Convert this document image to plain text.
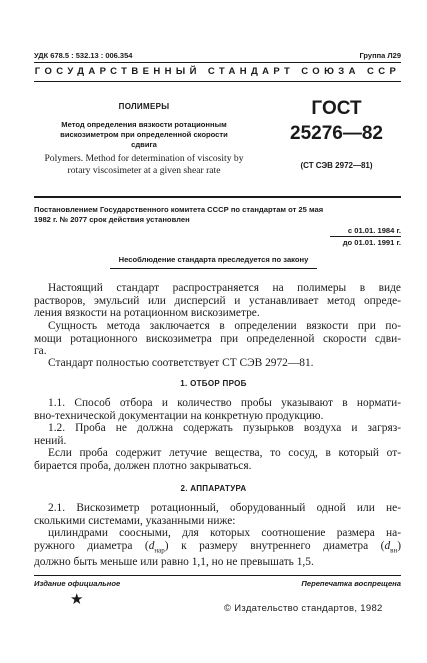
УДК 678.5 : 532.13 : 006.354	Группа Л29
ГОСУДАРСТВЕННЫЙ СТАНДАРТ СОЮЗА ССР
ПОЛИМЕРЫ
Метод определения вязкости ротационным
вискозиметром при определенной скорости
сдвига
Polymers. Method for determination of viscosity by
rotary viscosimeter at a given shear rate
ГОСТ
25276—82
(СТ СЭВ 2972—81)
Постановлением Государственного комитета СССР по стандартам от 25 мая
1982 г. № 2077 срок действия установлен
с 01.01. 1984 г.
до 01.01. 1991 г.
Несоблюдение стандарта преследуется по закону
Настоящий стандарт распространяется на полимеры в виде
растворов, эмульсий или дисперсий и устанавливает метод опреде-
ления вязкости на ротационном вискозиметре.
Сущность метода заключается в определении вязкости при по-
мощи ротационного вискозиметра при определенной скорости сдви-
га.
Стандарт полностью соответствует СТ СЭВ 2972—81.
1. ОТБОР ПРОБ
1.1. Способ отбора и количество пробы указывают в нормати-
вно-технической документации на конкретную продукцию.
1.2. Проба не должна содержать пузырьков воздуха и загряз-
нений.
Если проба содержит летучие вещества, то сосуд, в который от-
бирается проба, должен плотно закрываться.
2. АППАРАТУРА
2.1. Вискозиметр ротационный, оборудованный одной или не-
сколькими системами, указанными ниже:
цилиндрами соосными, для которых соотношение размера на-
ружного диаметра $(d_{нар})$ к размеру внутреннего диаметра $(d_{вн})$
должно быть меньше или равно 1,1, но не превышать 1,5.
Издание официальное	Перепечатка воспрещена
★
© Издательство стандартов, 1982
